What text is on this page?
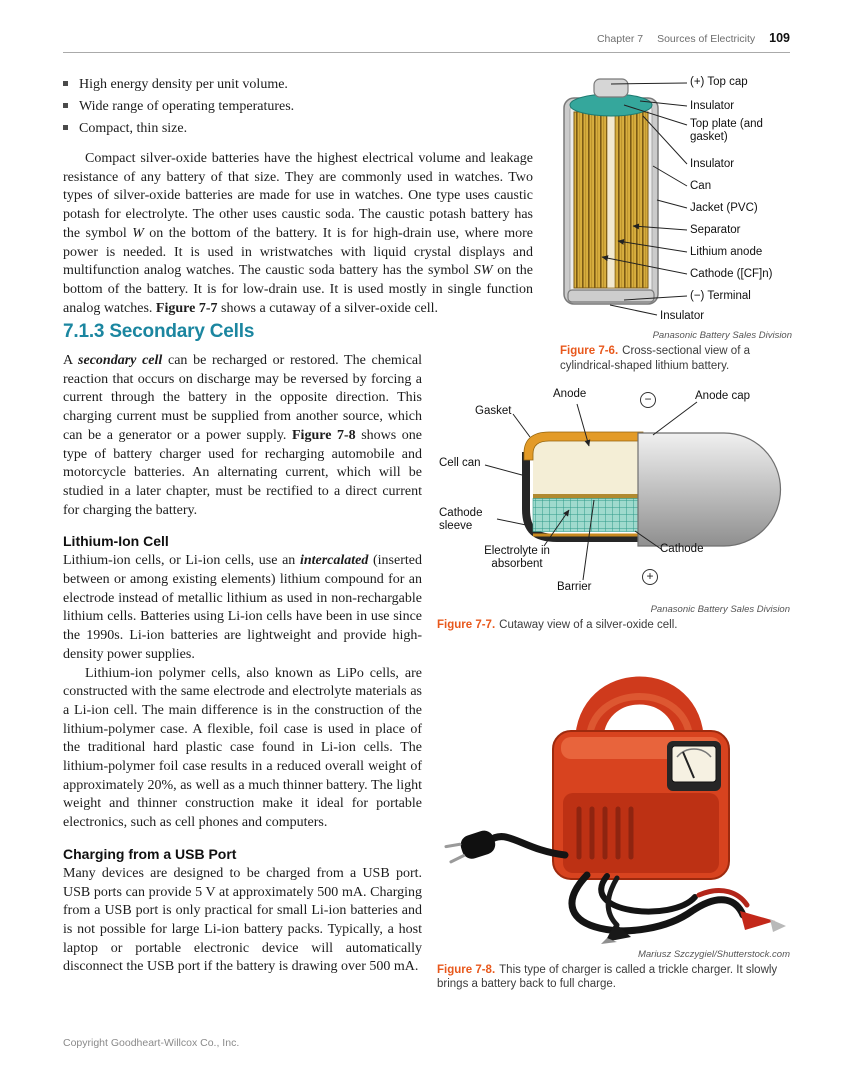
Chapter 7 Sources of Electricity 109
High energy density per unit volume.
Wide range of operating temperatures.
Compact, thin size.

Compact silver-oxide batteries have the highest electrical volume and leakage resistance of any battery of that size. They are commonly used in watches. Two types of silver-oxide batteries are made for use in watches. One type uses caustic potash for electrolyte. The other uses caustic soda. The caustic potash battery has the symbol W on the bottom of the battery. It is for high-drain use, where more power is needed. It is used in wristwatches with liquid crystal displays and multifunction analog watches. The caustic soda battery has the symbol SW on the bottom of the battery. It is for low-drain use. It is used mostly in single function analog watches. Figure 7-7 shows a cutaway of a silver-oxide cell.

(+) Top cap
Insulator
Top plate (and gasket)
Insulator
Can
Jacket (PVC)
Separator
Lithium anode
Cathode ([CF]n)
(−) Terminal
Insulator
Panasonic Battery Sales Division
Figure 7-6. Cross-sectional view of a cylindrical-shaped lithium battery.
7.1.3 Secondary Cells

A secondary cell can be recharged or restored. The chemical reaction that occurs on discharge may be reversed by forcing a current through the battery in the opposite direction. This charging current must be supplied from another source, which can be a generator or a power supply. Figure 7-8 shows one type of battery charger used for recharging automobile and motorcycle batteries. An alternating current, which will be studied in a later chapter, must be rectified to a direct current for charging the battery.

Lithium-Ion Cell

Lithium-ion cells, or Li-ion cells, use an intercalated (inserted between or among existing elements) lithium compound for an electrode instead of metallic lithium as used in non-rechargable lithium cells. Batteries using Li-ion cells have been in use since the 1990s. Li-ion batteries are lightweight and provide high-density power supplies.

Lithium-ion polymer cells, also known as LiPo cells, are constructed with the same electrode and electrolyte materials as a Li-ion cell. The main difference is in the construction of the lithium-polymer case. A flexible, foil case is used in place of the traditional hard plastic case found in Li-ion cells. The lithium-polymer foil case results in a reduced overall weight of approximately 20%, as well as a much thinner battery. The light weight and thinner construction make it ideal for portable electronics, such as cell phones and computers.

Charging from a USB Port

Many devices are designed to be charged from a USB port. USB ports can provide 5 V at approximately 500 mA. Charging from a USB port is only practical for small Li-ion batteries and is not possible for large Li-ion battery packs. Typically, a host laptop or portable electronic device will automatically disconnect the USB port if the battery is drawing over 500 mA.

Anode	−	Anode cap
Gasket
Cell can
Cathode sleeve
Electrolyte in absorbent
Barrier
Cathode
+
Panasonic Battery Sales Division
Figure 7-7. Cutaway view of a silver-oxide cell.
Mariusz Szczygiel/Shutterstock.com
Figure 7-8. This type of charger is called a trickle charger. It slowly brings a battery back to full charge.
Copyright Goodheart-Willcox Co., Inc.
